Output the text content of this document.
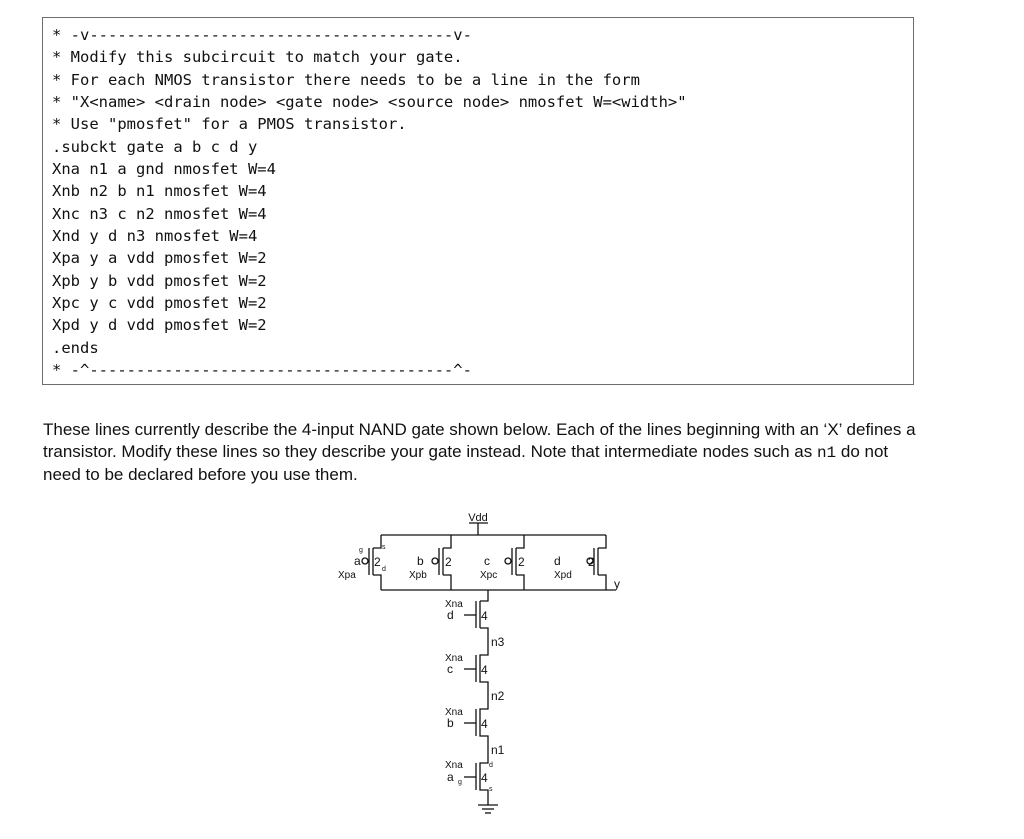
* -v---------------------------------------v-
* Modify this subcircuit to match your gate.
* For each NMOS transistor there needs to be a line in the form
* "X<name> <drain node> <gate node> <source node> nmosfet W=<width>"
* Use "pmosfet" for a PMOS transistor.
.subckt gate a b c d y
Xna n1 a gnd nmosfet W=4
Xnb n2 b n1 nmosfet W=4
Xnc n3 c n2 nmosfet W=4
Xnd y d n3 nmosfet W=4
Xpa y a vdd pmosfet W=2
Xpb y b vdd pmosfet W=2
Xpc y c vdd pmosfet W=2
Xpd y d vdd pmosfet W=2
.ends
* -^---------------------------------------^-

These lines currently describe the 4-input NAND gate shown below. Each of the lines beginning with an ‘X’ defines a transistor. Modify these lines so they describe your gate instead. Note that intermediate nodes such as n1 do not need to be declared before you use them.

Vdd
a 2
Xpa
g	s
d
b 2
Xpb
c 2
Xpc
d 2
Xpd
y
Xna
d 4
n3
Xna
c 4
n2
Xna
b 4
n1
Xna
a 4
g
d
s
